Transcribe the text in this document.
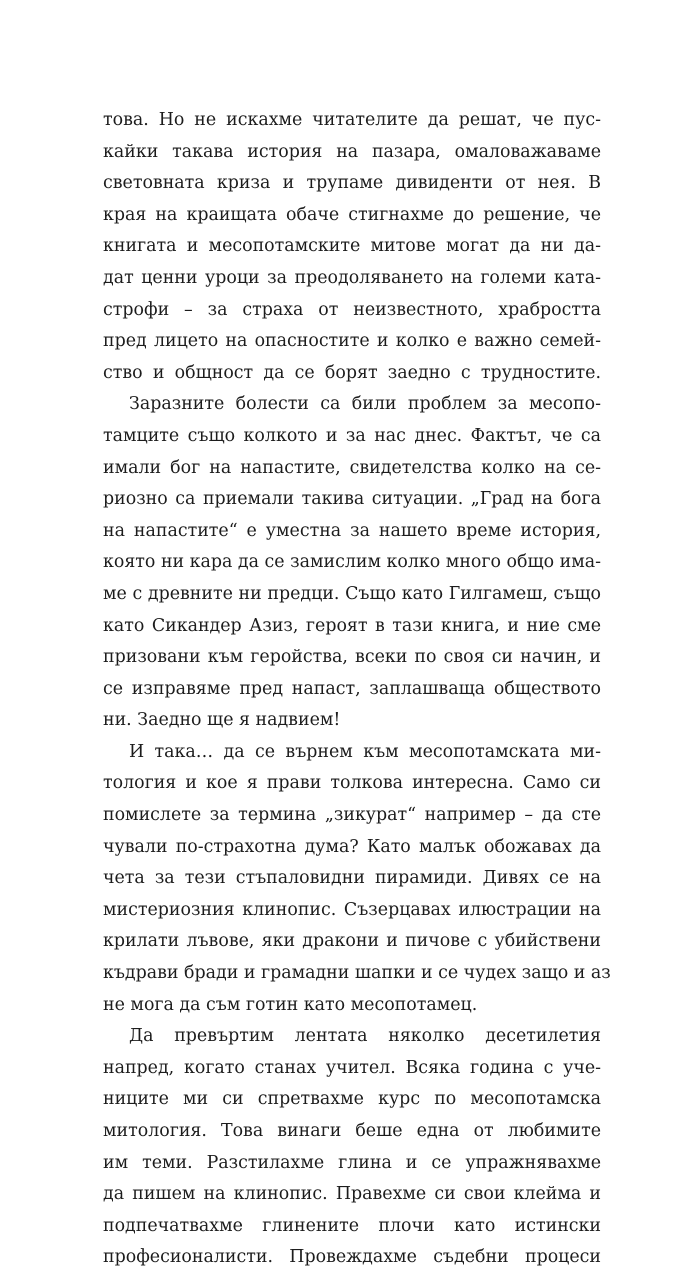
това. Но не искахме читателите да решат, че пус-
кайки такава история на пазара, омаловажаваме
световната криза и трупаме дивиденти от нея. В
края на краищата обаче стигнахме до решение, че
книгата и месопотамските митове могат да ни да-
дат ценни уроци за преодоляването на големи ката-
строфи – за страха от неизвестното, храбростта
пред лицето на опасностите и колко е важно семей-
ство и общност да се борят заедно с трудностите.
Заразните болести са били проблем за месопо-
тамците също колкото и за нас днес. Фактът, че са
имали бог на напастите, свидетелства колко на се-
риозно са приемали такива ситуации. „Град на бога
на напастите“ е уместна за нашето време история,
която ни кара да се замислим колко много общо има-
ме с древните ни предци. Също като Гилгамеш, също
като Сикандер Азиз, героят в тази книга, и ние сме
призовани към геройства, всеки по своя си начин, и
се изправяме пред напаст, заплашваща обществото
ни. Заедно ще я надвием!
И така… да се върнем към месопотамската ми-
тология и кое я прави толкова интересна. Само си
помислете за термина „зикурат“ например – да сте
чували по-страхотна дума? Като малък обожавах да
чета за тези стъпаловидни пирамиди. Дивях се на
мистериозния клинопис. Съзерцавах илюстрации на
крилати лъвове, яки дракони и пичове с убийствени
къдрави бради и грамадни шапки и се чудех защо и аз
не мога да съм готин като месопотамец.
Да превъртим лентата няколко десетилетия
напред, когато станах учител. Всяка година с уче-
ниците ми си спретвахме курс по месопотамска
митология. Това винаги беше една от любимите
им теми. Разстилахме глина и се упражнявахме
да пишем на клинопис. Правехме си свои клейма и
подпечатвахме глинените плочи като истински
професионалисти. Провеждахме съдебни процеси
